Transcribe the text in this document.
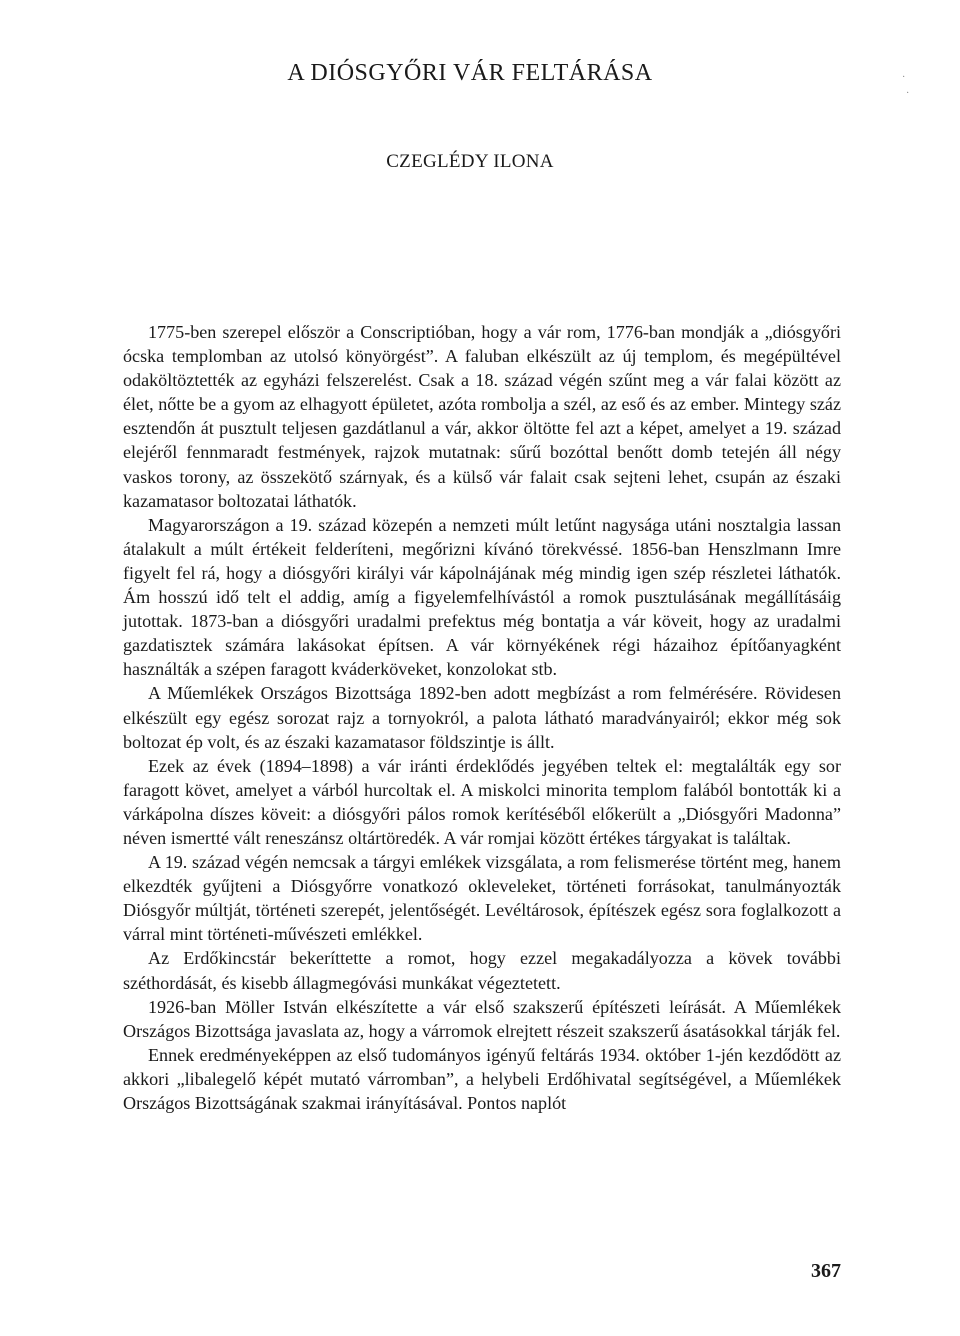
A DIÓSGYŐRI VÁR FELTÁRÁSA
CZEGLÉDY ILONA

1775-ben szerepel először a Conscriptióban, hogy a vár rom, 1776-ban mondják a „diósgyőri ócska templomban az utolsó könyörgést”. A faluban elkészült az új templom, és megépültével odaköltöztették az egyházi felszerelést. Csak a 18. század végén szűnt meg a vár falai között az élet, nőtte be a gyom az elhagyott épületet, azóta rombolja a szél, az eső és az ember. Mintegy száz esztendőn át pusztult teljesen gazdátlanul a vár, akkor öltötte fel azt a képet, amelyet a 19. század elejéről fennmaradt festmények, rajzok mutatnak: sűrű bozóttal benőtt domb tetején áll négy vaskos torony, az összekötő szárnyak, és a külső vár falait csak sejteni lehet, csupán az északi kazamatasor boltozatai láthatók.

Magyarországon a 19. század közepén a nemzeti múlt letűnt nagysága utáni nosztalgia lassan átalakult a múlt értékeit felderíteni, megőrizni kívánó törekvéssé. 1856-ban Henszlmann Imre figyelt fel rá, hogy a diósgyőri királyi vár kápolnájának még mindig igen szép részletei láthatók. Ám hosszú idő telt el addig, amíg a figyelemfelhívástól a romok pusztulásának megállításáig jutottak. 1873-ban a diósgyőri uradalmi prefektus még bontatja a vár köveit, hogy az uradalmi gazdatisztek számára lakásokat építsen. A vár környékének régi házaihoz építőanyagként használták a szépen faragott kváderköveket, konzolokat stb.

A Műemlékek Országos Bizottsága 1892-ben adott megbízást a rom felmérésére. Rövidesen elkészült egy egész sorozat rajz a tornyokról, a palota látható maradványairól; ekkor még sok boltozat ép volt, és az északi kazamatasor földszintje is állt.

Ezek az évek (1894–1898) a vár iránti érdeklődés jegyében teltek el: megtalálták egy sor faragott követ, amelyet a várból hurcoltak el. A miskolci minorita templom falából bontották ki a várkápolna díszes köveit: a diósgyőri pálos romok kerítéséből előkerült a „Diósgyőri Madonna” néven ismertté vált reneszánsz oltártöredék. A vár romjai között értékes tárgyakat is találtak.

A 19. század végén nemcsak a tárgyi emlékek vizsgálata, a rom felismerése történt meg, hanem elkezdték gyűjteni a Diósgyőrre vonatkozó okleveleket, történeti forrásokat, tanulmányozták Diósgyőr múltját, történeti szerepét, jelentőségét. Levéltárosok, építészek egész sora foglalkozott a várral mint történeti-művészeti emlékkel.

Az Erdőkincstár bekeríttette a romot, hogy ezzel megakadályozza a kövek további széthordását, és kisebb állagmegóvási munkákat végeztetett.

1926-ban Möller István elkészítette a vár első szakszerű építészeti leírását. A Műemlékek Országos Bizottsága javaslata az, hogy a várromok elrejtett részeit szakszerű ásatásokkal tárják fel.

Ennek eredményeképpen az első tudományos igényű feltárás 1934. október 1-jén kezdődött az akkori „libalegelő képét mutató várromban”, a helybeli Erdőhivatal segítségével, a Műemlékek Országos Bizottságának szakmai irányításával. Pontos naplót

367
·
·
